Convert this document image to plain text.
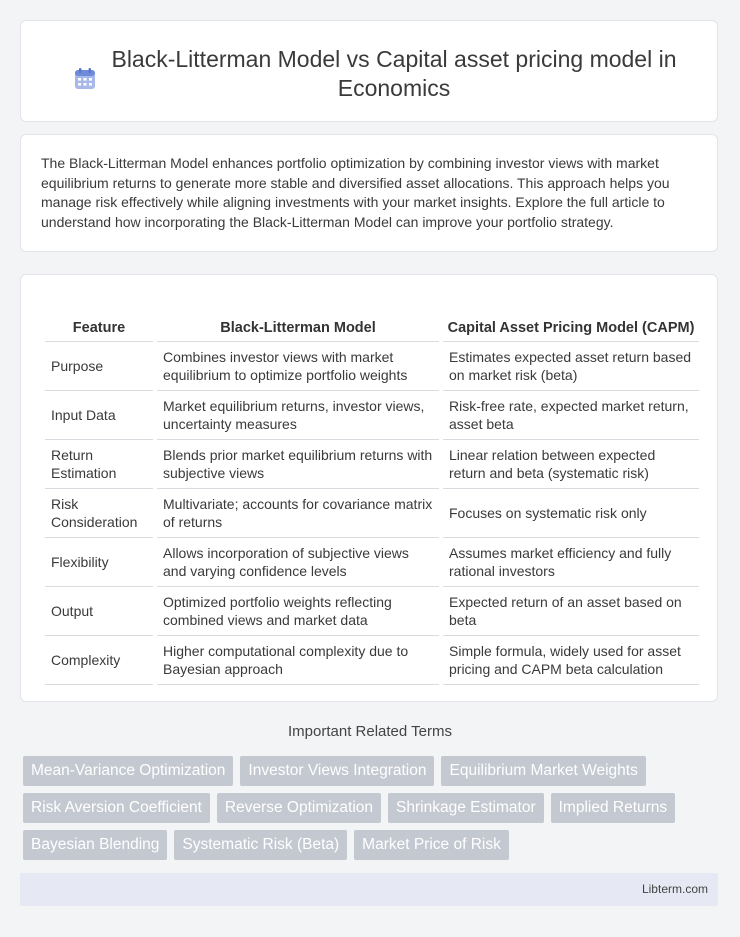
Black-Litterman Model vs Capital asset pricing model in Economics

The Black-Litterman Model enhances portfolio optimization by combining investor views with market equilibrium returns to generate more stable and diversified asset allocations. This approach helps you manage risk effectively while aligning investments with your market insights. Explore the full article to understand how incorporating the Black-Litterman Model can improve your portfolio strategy.

Feature	Black-Litterman Model	Capital Asset Pricing Model (CAPM)
Purpose	Combines investor views with market equilibrium to optimize portfolio weights	Estimates expected asset return based on market risk (beta)
Input Data	Market equilibrium returns, investor views, uncertainty measures	Risk-free rate, expected market return, asset beta
Return Estimation	Blends prior market equilibrium returns with subjective views	Linear relation between expected return and beta (systematic risk)
Risk Consideration	Multivariate; accounts for covariance matrix of returns	Focuses on systematic risk only
Flexibility	Allows incorporation of subjective views and varying confidence levels	Assumes market efficiency and fully rational investors
Output	Optimized portfolio weights reflecting combined views and market data	Expected return of an asset based on beta
Complexity	Higher computational complexity due to Bayesian approach	Simple formula, widely used for asset pricing and CAPM beta calculation
Important Related Terms
Mean-Variance Optimization	Investor Views Integration	Equilibrium Market Weights
Risk Aversion Coefficient	Reverse Optimization	Shrinkage Estimator	Implied Returns
Bayesian Blending	Systematic Risk (Beta)	Market Price of Risk
Libterm.com
